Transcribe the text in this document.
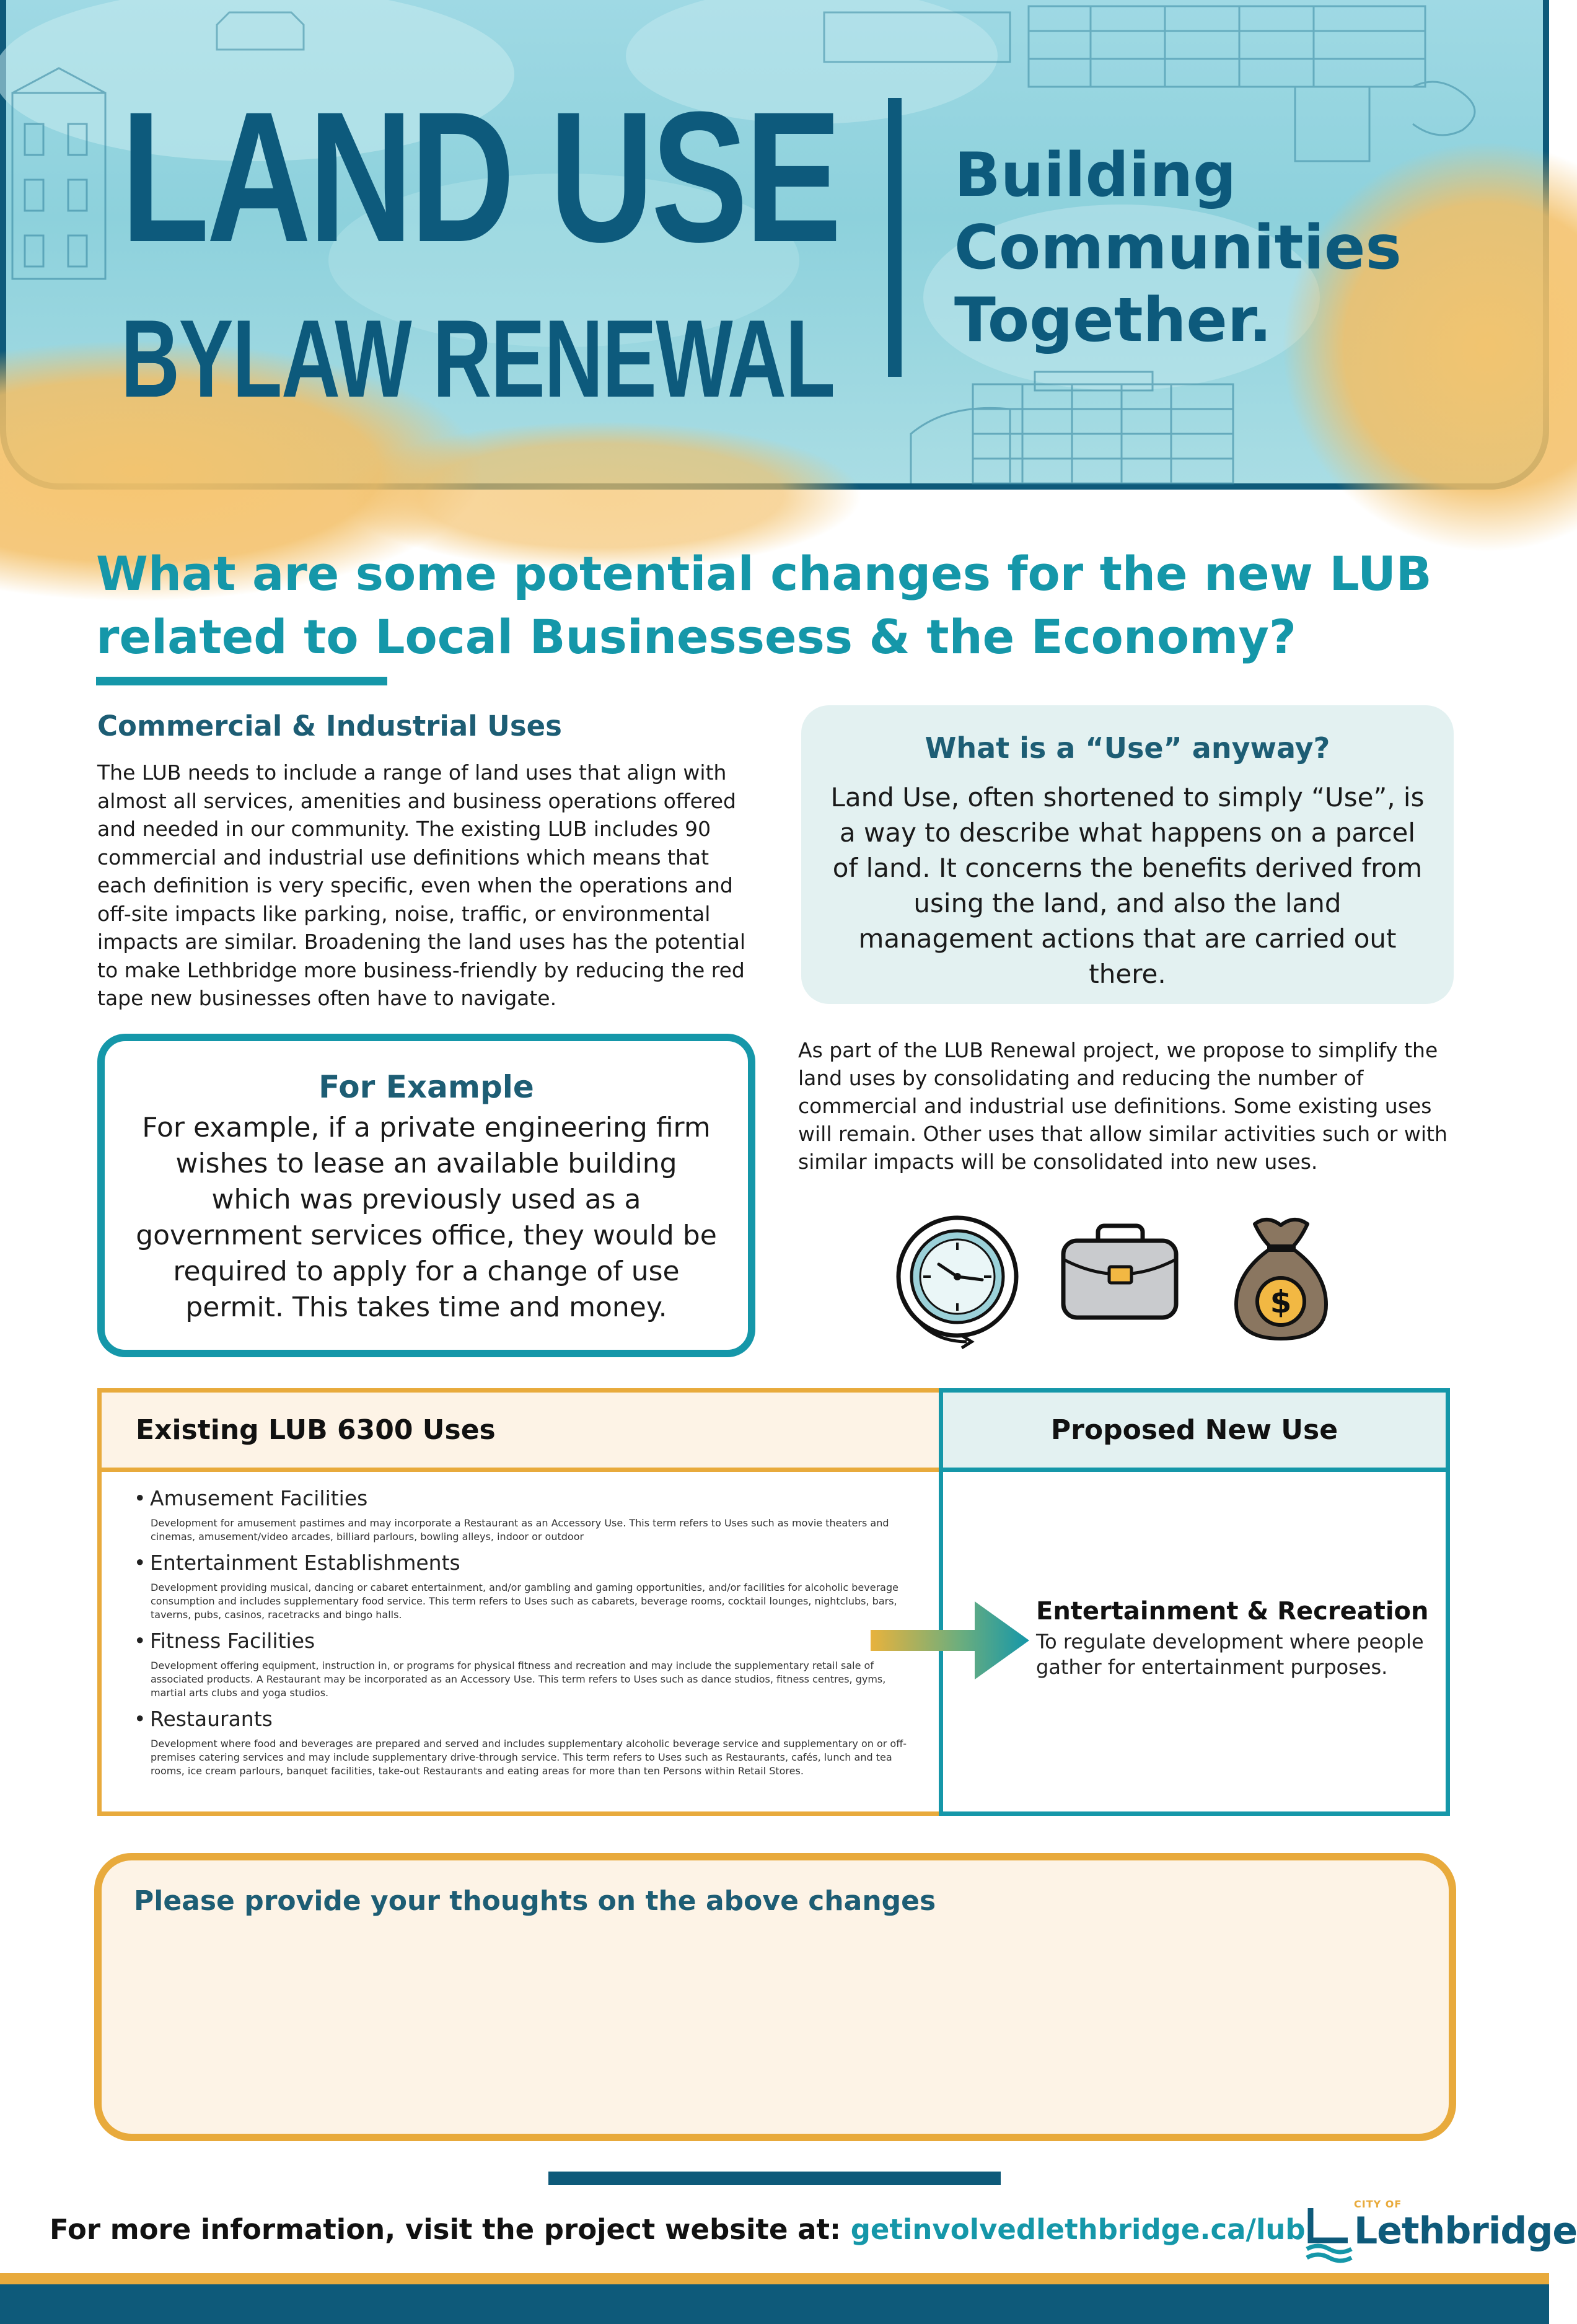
LAND USE
BYLAW RENEWAL
Building
Communities
Together.
What are some potential changes for the new LUB related to Local Businessess & the Economy?
Commercial & Industrial Uses
The LUB needs to include a range of land uses that align with almost all services, amenities and business operations offered and needed in our community. The existing LUB includes 90 commercial and industrial use definitions which means that each definition is very specific, even when the operations and off-site impacts like parking, noise, traffic, or environmental impacts are similar. Broadening the land uses has the potential to make Lethbridge more business-friendly by reducing the red tape new businesses often have to navigate.
For Example
For example, if a private engineering firm wishes to lease an available building which was previously used as a government services office, they would be required to apply for a change of use permit. This takes time and money.
What is a “Use” anyway?
Land Use, often shortened to simply “Use”, is a way to describe what happens on a parcel of land. It concerns the benefits derived from using the land, and also the land management actions that are carried out there.
As part of the LUB Renewal project, we propose to simplify the land uses by consolidating and reducing the number of commercial and industrial use definitions. Some existing uses will remain. Other uses that allow similar activities such or with similar impacts will be consolidated into new uses.
$
Existing LUB 6300 Uses
• Amusement Facilities
Development for amusement pastimes and may incorporate a Restaurant as an Accessory Use. This term refers to Uses such as movie theaters and cinemas, amusement/video arcades, billiard parlours, bowling alleys, indoor or outdoor
• Entertainment Establishments
Development providing musical, dancing or cabaret entertainment, and/or gambling and gaming opportunities, and/or facilities for alcoholic beverage consumption and includes supplementary food service. This term refers to Uses such as cabarets, beverage rooms, cocktail lounges, nightclubs, bars, taverns, pubs, casinos, racetracks and bingo halls.
• Fitness Facilities
Development offering equipment, instruction in, or programs for physical fitness and recreation and may include the supplementary retail sale of associated products. A Restaurant may be incorporated as an Accessory Use. This term refers to Uses such as dance studios, fitness centres, gyms, martial arts clubs and yoga studios.
• Restaurants
Development where food and beverages are prepared and served and includes supplementary alcoholic beverage service and supplementary on or off-premises catering services and may include supplementary drive-through service. This term refers to Uses such as Restaurants, cafés, lunch and tea rooms, ice cream parlours, banquet facilities, take-out Restaurants and eating areas for more than ten Persons within Retail Stores.
Proposed New Use
Entertainment & Recreation
To regulate development where people gather for entertainment purposes.
Please provide your thoughts on the above changes
For more information, visit the project website at: getinvolvedlethbridge.ca/lub
CITY OF
Lethbridge
